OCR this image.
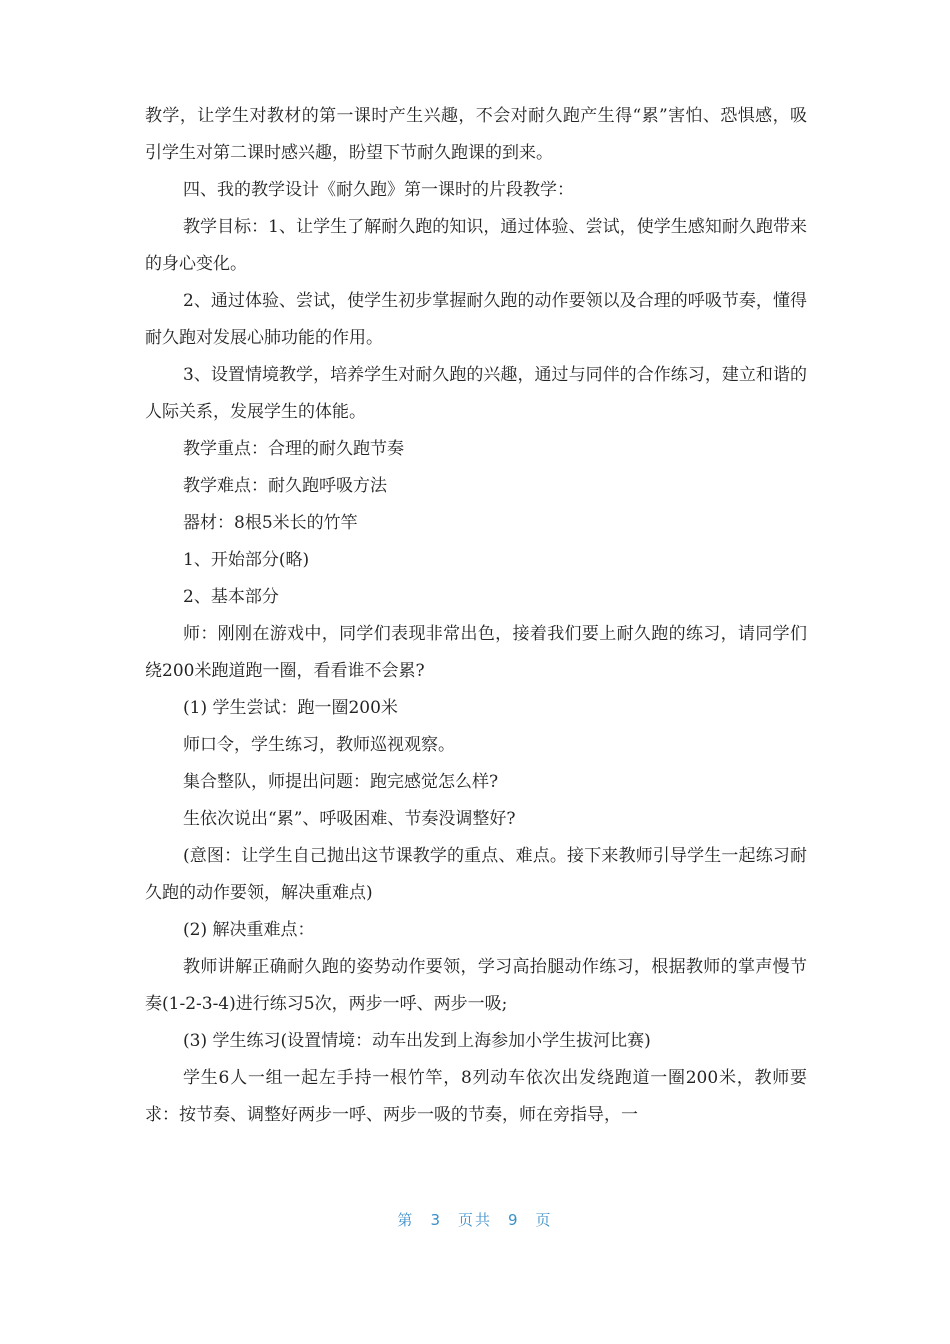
教学，让学生对教材的第一课时产生兴趣，不会对耐久跑产生得“累”害怕、恐惧感，吸引学生对第二课时感兴趣，盼望下节耐久跑课的到来。

四、我的教学设计《耐久跑》第一课时的片段教学：

教学目标：1、让学生了解耐久跑的知识，通过体验、尝试，使学生感知耐久跑带来的身心变化。

2、通过体验、尝试，使学生初步掌握耐久跑的动作要领以及合理的呼吸节奏，懂得耐久跑对发展心肺功能的作用。

3、设置情境教学，培养学生对耐久跑的兴趣，通过与同伴的合作练习，建立和谐的人际关系，发展学生的体能。

教学重点：合理的耐久跑节奏

教学难点：耐久跑呼吸方法

器材：8根5米长的竹竿

1、开始部分(略)

2、基本部分

师：刚刚在游戏中，同学们表现非常出色，接着我们要上耐久跑的练习，请同学们绕200米跑道跑一圈，看看谁不会累?

(1) 学生尝试：跑一圈200米

师口令，学生练习，教师巡视观察。

集合整队，师提出问题：跑完感觉怎么样?

生依次说出“累”、呼吸困难、节奏没调整好?

(意图：让学生自己抛出这节课教学的重点、难点。接下来教师引导学生一起练习耐久跑的动作要领，解决重难点)

(2) 解决重难点：

教师讲解正确耐久跑的姿势动作要领，学习高抬腿动作练习，根据教师的掌声慢节奏(1-2-3-4)进行练习5次，两步一呼、两步一吸;

(3) 学生练习(设置情境：动车出发到上海参加小学生拔河比赛)

学生6人一组一起左手持一根竹竿，8列动车依次出发绕跑道一圈200米，教师要求：按节奏、调整好两步一呼、两步一吸的节奏，师在旁指导，一

第 3 页共 9 页
